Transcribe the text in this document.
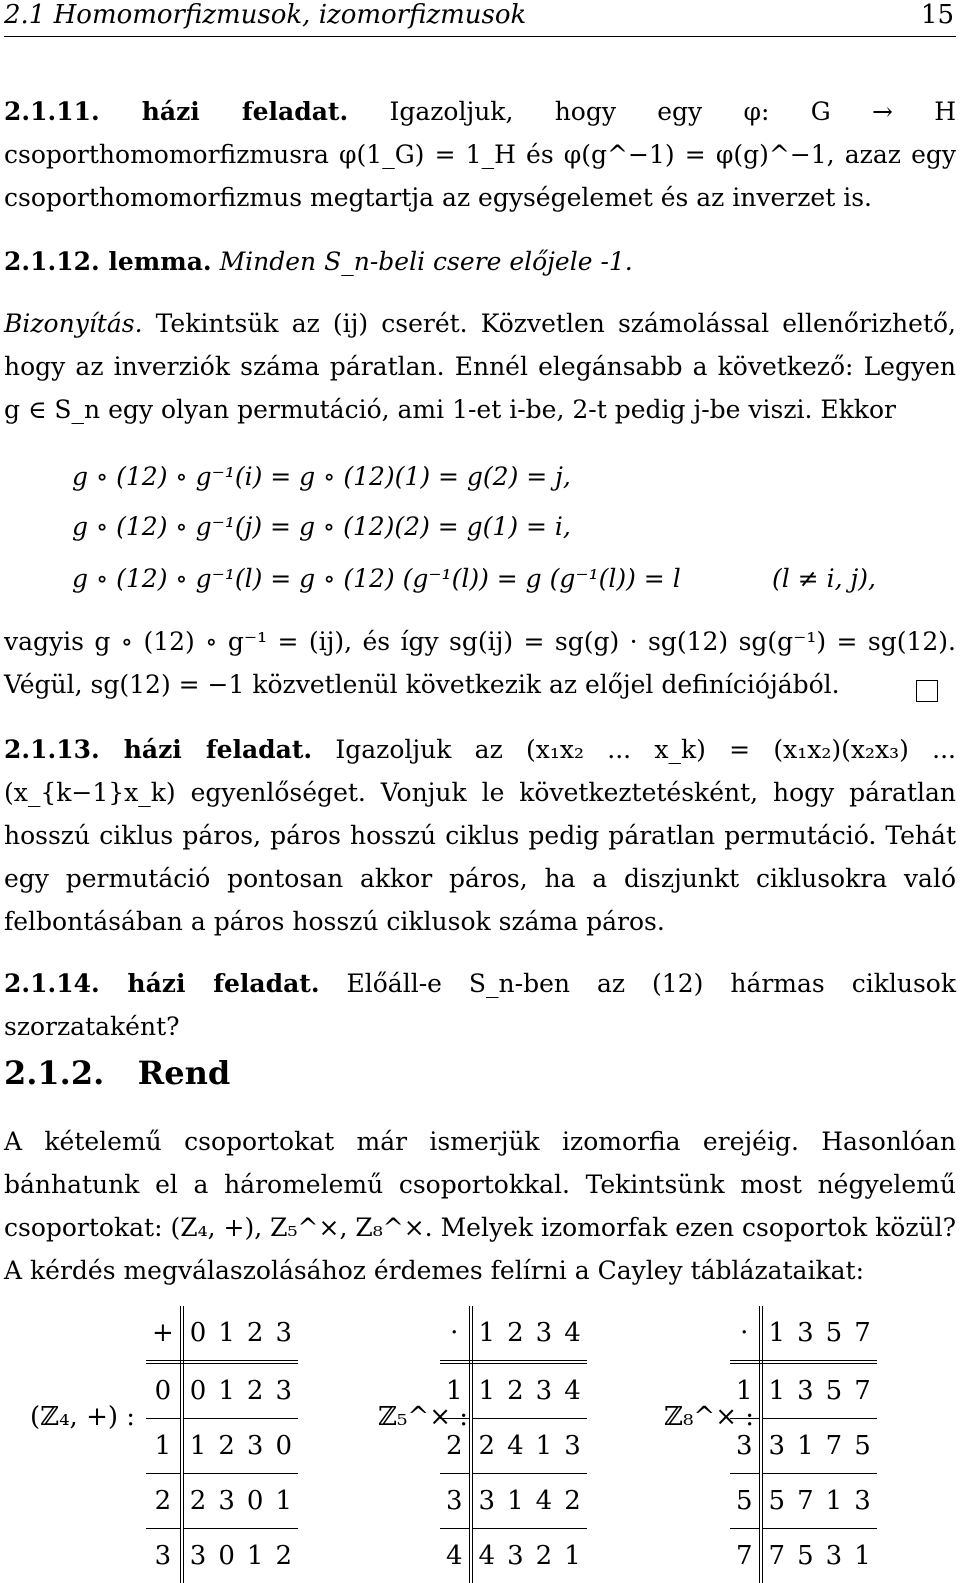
2.1 Homomorfizmusok, izomorfizmusok	15
2.1.11. házi feladat. Igazoljuk, hogy egy φ: G → H csoporthomomorfizmusra φ(1_G) = 1_H és φ(g^−1) = φ(g)^−1, azaz egy csoporthomomorfizmus megtartja az egységelemet és az inverzet is.
2.1.12. lemma. Minden S_n-beli csere előjele -1.
Bizonyítás. Tekintsük az (ij) cserét. Közvetlen számolással ellenőrizhető, hogy az inverziók száma páratlan. Ennél elegánsabb a következő: Legyen g ∈ S_n egy olyan permutáció, ami 1-et i-be, 2-t pedig j-be viszi. Ekkor
g ∘ (12) ∘ g⁻¹(i) = g ∘ (12)(1) = g(2) = j,
g ∘ (12) ∘ g⁻¹(j) = g ∘ (12)(2) = g(1) = i,
g ∘ (12) ∘ g⁻¹(l) = g ∘ (12) (g⁻¹(l)) = g (g⁻¹(l)) = l	(l ≠ i, j),
vagyis g ∘ (12) ∘ g⁻¹ = (ij), és így sg(ij) = sg(g) · sg(12) sg(g⁻¹) = sg(12). Végül, sg(12) = −1 közvetlenül következik az előjel definíciójából.
2.1.13. házi feladat. Igazoljuk az (x₁x₂ ... x_k) = (x₁x₂)(x₂x₃) ... (x_{k−1}x_k) egyenlőséget. Vonjuk le következtetésként, hogy páratlan hosszú ciklus páros, páros hosszú ciklus pedig páratlan permutáció. Tehát egy permutáció pontosan akkor páros, ha a diszjunkt ciklusokra való felbontásában a páros hosszú ciklusok száma páros.
2.1.14. házi feladat. Előáll-e S_n-ben az (12) hármas ciklusok szorzataként?
2.1.2. Rend
A kételemű csoportokat már ismerjük izomorfia erejéig. Hasonlóan bánhatunk el a háromelemű csoportokkal. Tekintsünk most négyelemű csoportokat: (Z₄, +), Z₅^×, Z₈^×. Melyek izomorfak ezen csoportok közül? A kérdés megválaszolásához érdemes felírni a Cayley táblázataikat:
(ℤ₄, +) :
+	0	1	2	3
0	0	1	2	3
1	1	2	3	0
2	2	3	0	1
3	3	0	1	2
ℤ₅^× :
·	1	2	3	4
1	1	2	3	4
2	2	4	1	3
3	3	1	4	2
4	4	3	2	1
ℤ₈^× :
·	1	3	5	7
1	1	3	5	7
3	3	1	7	5
5	5	7	1	3
7	7	5	3	1
